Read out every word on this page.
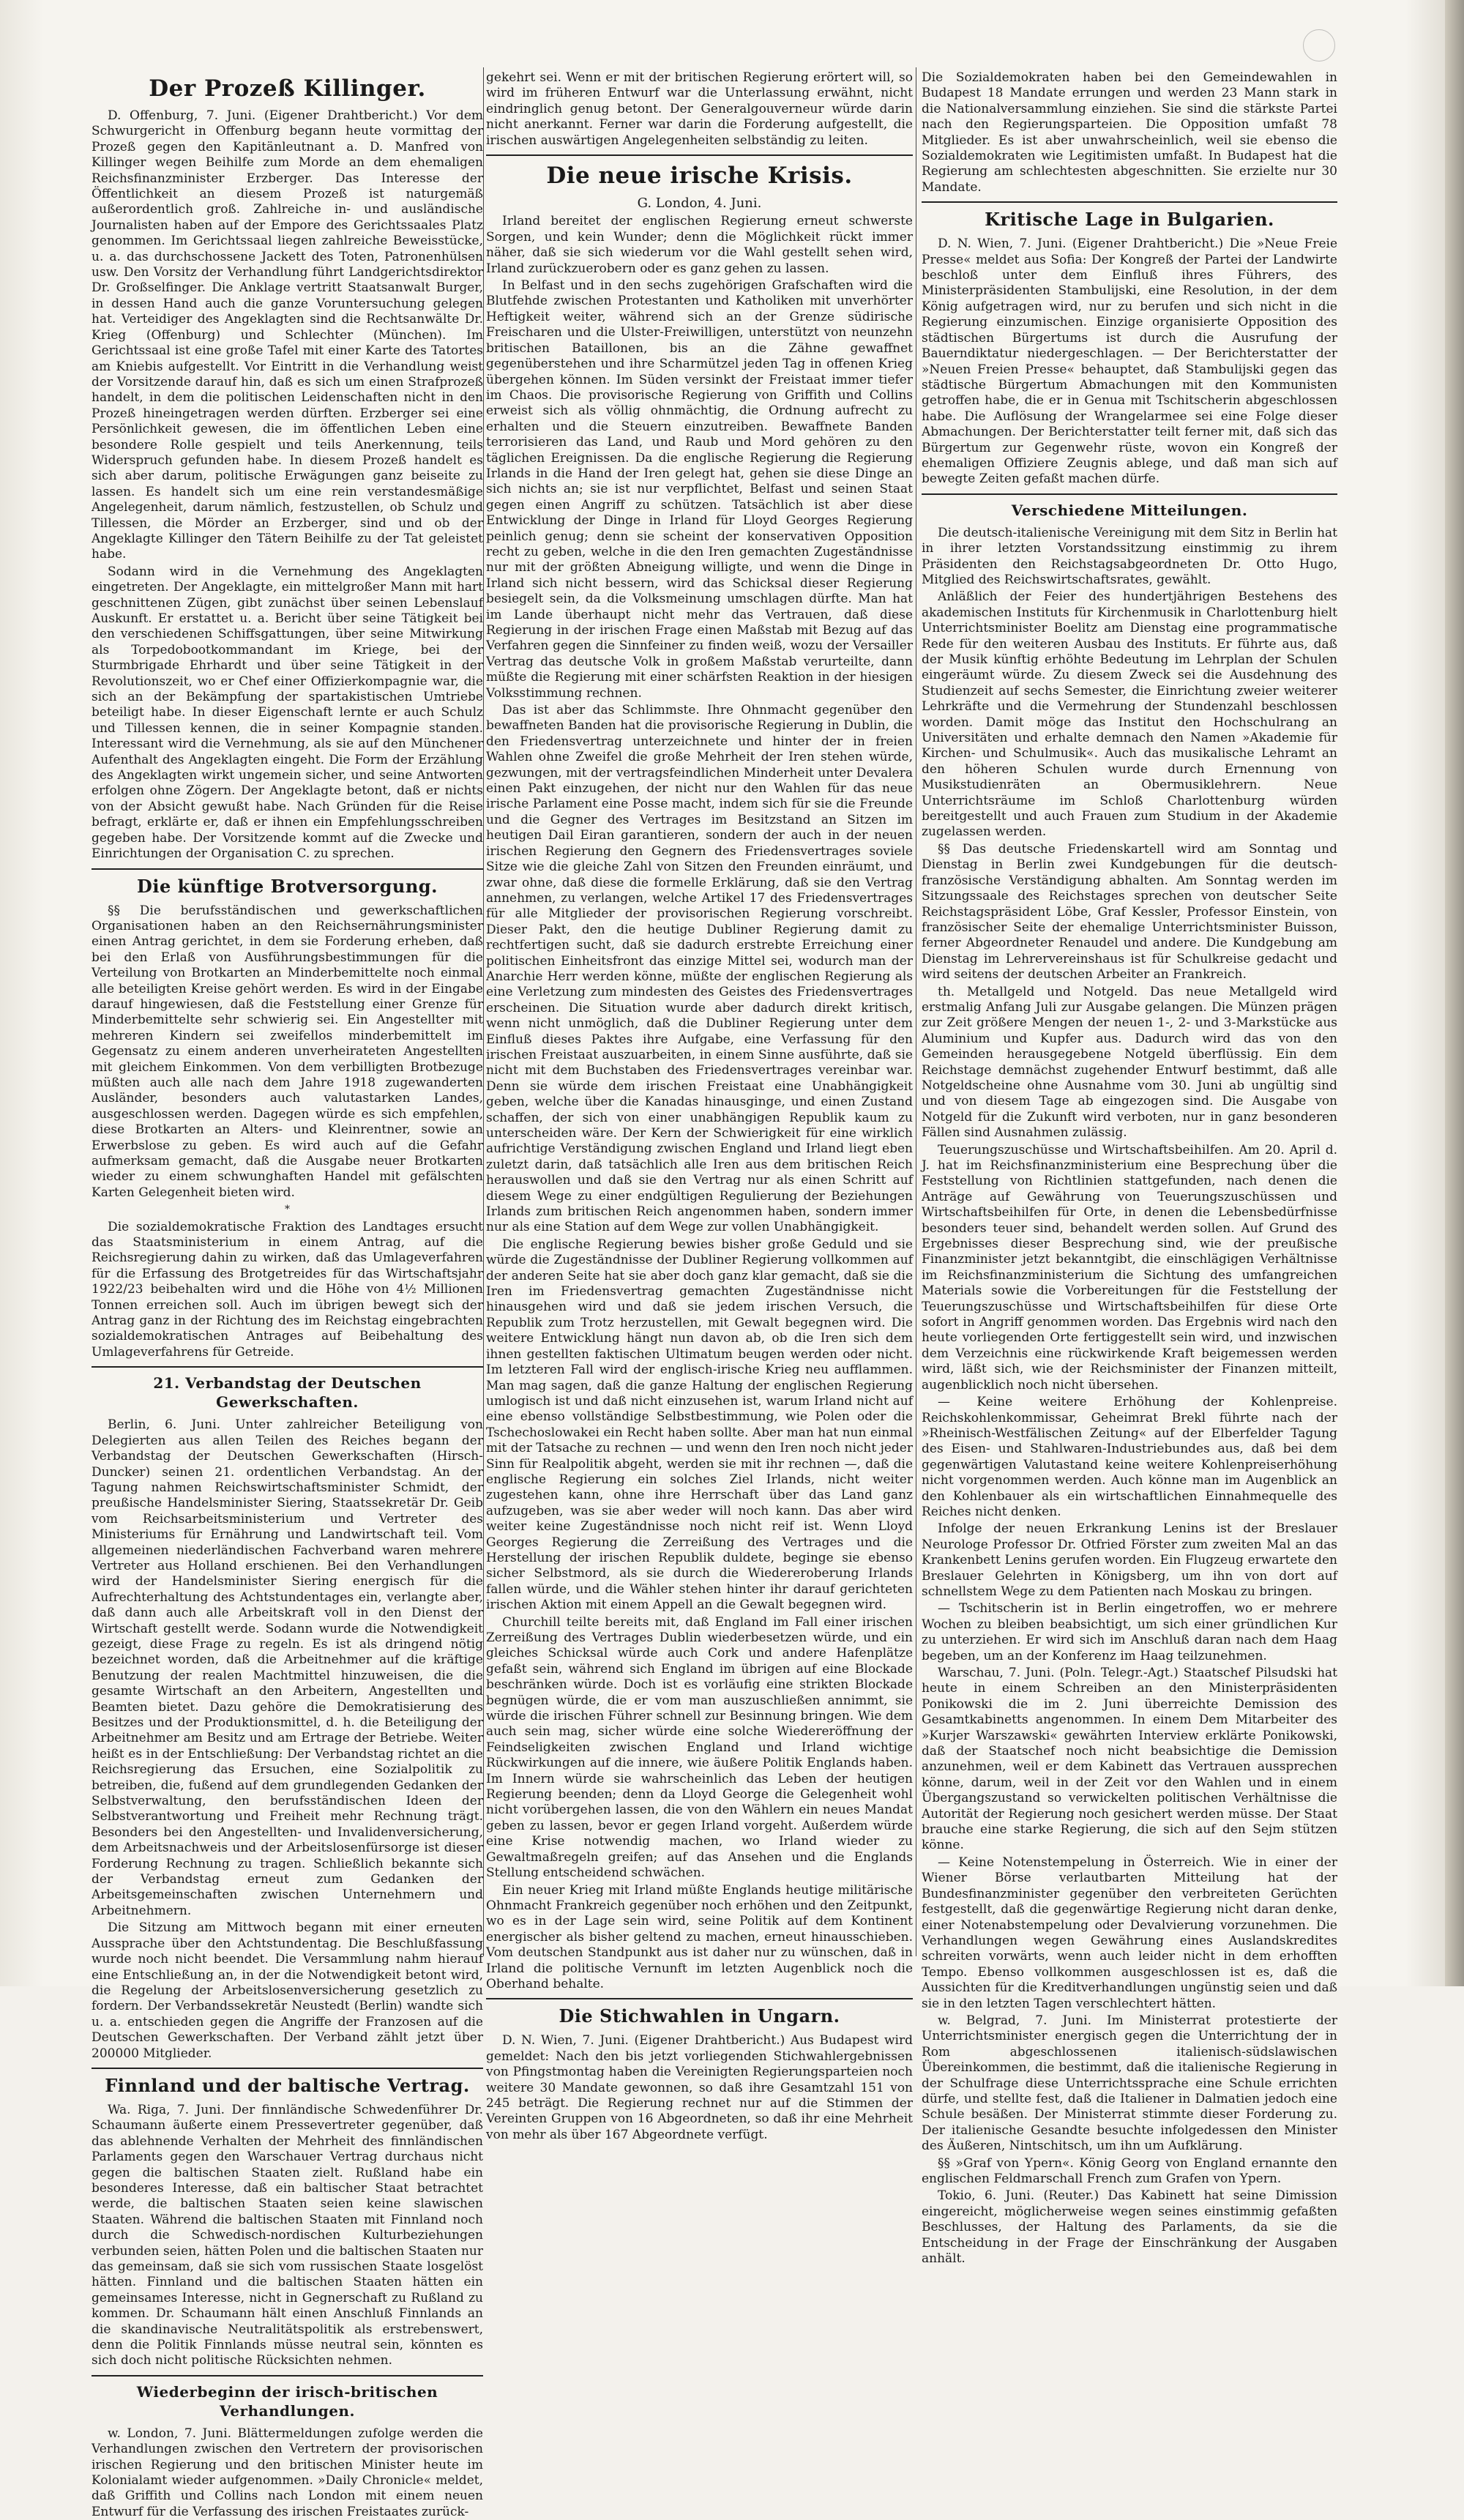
Der Prozeß Killinger.

D. Offenburg, 7. Juni. (Eigener Drahtbericht.) Vor dem Schwurgericht in Offenburg begann heute vormittag der Prozeß gegen den Kapitänleutnant a. D. Manfred von Killinger wegen Beihilfe zum Morde an dem ehemaligen Reichsfinanzminister Erzberger. Das Interesse der Öffentlichkeit an diesem Prozeß ist naturgemäß außerordentlich groß. Zahlreiche in- und ausländische Journalisten haben auf der Empore des Gerichtssaales Platz genommen. Im Gerichtssaal liegen zahlreiche Beweisstücke, u. a. das durchschossene Jackett des Toten, Patronenhülsen usw. Den Vorsitz der Verhandlung führt Landgerichtsdirektor Dr. Großselfinger. Die Anklage vertritt Staatsanwalt Burger, in dessen Hand auch die ganze Voruntersuchung gelegen hat. Verteidiger des Angeklagten sind die Rechtsanwälte Dr. Krieg (Offenburg) und Schlechter (München). Im Gerichtssaal ist eine große Tafel mit einer Karte des Tatortes am Kniebis aufgestellt. Vor Eintritt in die Verhandlung weist der Vorsitzende darauf hin, daß es sich um einen Strafprozeß handelt, in dem die politischen Leidenschaften nicht in den Prozeß hineingetragen werden dürften. Erzberger sei eine Persönlichkeit gewesen, die im öffentlichen Leben eine besondere Rolle gespielt und teils Anerkennung, teils Widerspruch gefunden habe. In diesem Prozeß handelt es sich aber darum, politische Erwägungen ganz beiseite zu lassen. Es handelt sich um eine rein verstandesmäßige Angelegenheit, darum nämlich, festzustellen, ob Schulz und Tillessen, die Mörder an Erzberger, sind und ob der Angeklagte Killinger den Tätern Beihilfe zu der Tat geleistet habe.

Sodann wird in die Vernehmung des Angeklagten eingetreten. Der Angeklagte, ein mittelgroßer Mann mit hart geschnittenen Zügen, gibt zunächst über seinen Lebenslauf Auskunft. Er erstattet u. a. Bericht über seine Tätigkeit bei den verschiedenen Schiffsgattungen, über seine Mitwirkung als Torpedobootkommandant im Kriege, bei der Sturmbrigade Ehrhardt und über seine Tätigkeit in der Revolutionszeit, wo er Chef einer Offizierkompagnie war, die sich an der Bekämpfung der spartakistischen Umtriebe beteiligt habe. In dieser Eigenschaft lernte er auch Schulz und Tillessen kennen, die in seiner Kompagnie standen. Interessant wird die Vernehmung, als sie auf den Münchener Aufenthalt des Angeklagten eingeht. Die Form der Erzählung des Angeklagten wirkt ungemein sicher, und seine Antworten erfolgen ohne Zögern. Der Angeklagte betont, daß er nichts von der Absicht gewußt habe. Nach Gründen für die Reise befragt, erklärte er, daß er ihnen ein Empfehlungsschreiben gegeben habe. Der Vorsitzende kommt auf die Zwecke und Einrichtungen der Organisation C. zu sprechen.

Die künftige Brotversorgung.

§§ Die berufsständischen und gewerkschaftlichen Organisationen haben an den Reichsernährungsminister einen Antrag gerichtet, in dem sie Forderung erheben, daß bei den Erlaß von Ausführungsbestimmungen für die Verteilung von Brotkarten an Minderbemittelte noch einmal alle beteiligten Kreise gehört werden. Es wird in der Eingabe darauf hingewiesen, daß die Feststellung einer Grenze für Minderbemittelte sehr schwierig sei. Ein Angestellter mit mehreren Kindern sei zweifellos minderbemittelt im Gegensatz zu einem anderen unverheirateten Angestellten mit gleichem Einkommen. Von dem verbilligten Brotbezuge müßten auch alle nach dem Jahre 1918 zugewanderten Ausländer, besonders auch valutastarken Landes, ausgeschlossen werden. Dagegen würde es sich empfehlen, diese Brotkarten an Alters- und Kleinrentner, sowie an Erwerbslose zu geben. Es wird auch auf die Gefahr aufmerksam gemacht, daß die Ausgabe neuer Brotkarten wieder zu einem schwunghaften Handel mit gefälschten Karten Gelegenheit bieten wird.

*

Die sozialdemokratische Fraktion des Landtages ersucht das Staatsministerium in einem Antrag, auf die Reichsregierung dahin zu wirken, daß das Umlageverfahren für die Erfassung des Brotgetreides für das Wirtschaftsjahr 1922/23 beibehalten wird und die Höhe von 4½ Millionen Tonnen erreichen soll. Auch im übrigen bewegt sich der Antrag ganz in der Richtung des im Reichstag eingebrachten sozialdemokratischen Antrages auf Beibehaltung des Umlageverfahrens für Getreide.

21. Verbandstag der Deutschen Gewerkschaften.

Berlin, 6. Juni. Unter zahlreicher Beteiligung von Delegierten aus allen Teilen des Reiches begann der Verbandstag der Deutschen Gewerkschaften (Hirsch-Duncker) seinen 21. ordentlichen Verbandstag. An der Tagung nahmen Reichswirtschaftsminister Schmidt, der preußische Handelsminister Siering, Staatssekretär Dr. Geib vom Reichsarbeitsministerium und Vertreter des Ministeriums für Ernährung und Landwirtschaft teil. Vom allgemeinen niederländischen Fachverband waren mehrere Vertreter aus Holland erschienen. Bei den Verhandlungen wird der Handelsminister Siering energisch für die Aufrechterhaltung des Achtstundentages ein, verlangte aber, daß dann auch alle Arbeitskraft voll in den Dienst der Wirtschaft gestellt werde. Sodann wurde die Notwendigkeit gezeigt, diese Frage zu regeln. Es ist als dringend nötig bezeichnet worden, daß die Arbeitnehmer auf die kräftige Benutzung der realen Machtmittel hinzuweisen, die die gesamte Wirtschaft an den Arbeitern, Angestellten und Beamten bietet. Dazu gehöre die Demokratisierung des Besitzes und der Produktionsmittel, d. h. die Beteiligung der Arbeitnehmer am Besitz und am Ertrage der Betriebe. Weiter heißt es in der Entschließung: Der Verbandstag richtet an die Reichsregierung das Ersuchen, eine Sozialpolitik zu betreiben, die, fußend auf dem grundlegenden Gedanken der Selbstverwaltung, den berufsständischen Ideen der Selbstverantwortung und Freiheit mehr Rechnung trägt. Besonders bei den Angestellten- und Invalidenversicherung, dem Arbeitsnachweis und der Arbeitslosenfürsorge ist dieser Forderung Rechnung zu tragen. Schließlich bekannte sich der Verbandstag erneut zum Gedanken der Arbeitsgemeinschaften zwischen Unternehmern und Arbeitnehmern.

Die Sitzung am Mittwoch begann mit einer erneuten Aussprache über den Achtstundentag. Die Beschlußfassung wurde noch nicht beendet. Die Versammlung nahm hierauf eine Entschließung an, in der die Notwendigkeit betont wird, die Regelung der Arbeitslosenversicherung gesetzlich zu fordern. Der Verbandssekretär Neustedt (Berlin) wandte sich u. a. entschieden gegen die Angriffe der Franzosen auf die Deutschen Gewerkschaften. Der Verband zählt jetzt über 200000 Mitglieder.

Finnland und der baltische Vertrag.

Wa. Riga, 7. Juni. Der finnländische Schwedenführer Dr. Schaumann äußerte einem Pressevertreter gegenüber, daß das ablehnende Verhalten der Mehrheit des finnländischen Parlaments gegen den Warschauer Vertrag durchaus nicht gegen die baltischen Staaten zielt. Rußland habe ein besonderes Interesse, daß ein baltischer Staat betrachtet werde, die baltischen Staaten seien keine slawischen Staaten. Während die baltischen Staaten mit Finnland noch durch die Schwedisch-nordischen Kulturbeziehungen verbunden seien, hätten Polen und die baltischen Staaten nur das gemeinsam, daß sie sich vom russischen Staate losgelöst hätten. Finnland und die baltischen Staaten hätten ein gemeinsames Interesse, nicht in Gegnerschaft zu Rußland zu kommen. Dr. Schaumann hält einen Anschluß Finnlands an die skandinavische Neutralitätspolitik als erstrebenswert, denn die Politik Finnlands müsse neutral sein, könnten es sich doch nicht politische Rücksichten nehmen.

Wiederbeginn der irisch-britischen Verhandlungen.

w. London, 7. Juni. Blättermeldungen zufolge werden die Verhandlungen zwischen den Vertretern der provisorischen irischen Regierung und den britischen Minister heute im Kolonialamt wieder aufgenommen. »Daily Chronicle« meldet, daß Griffith und Collins nach London mit einem neuen Entwurf für die Verfassung des irischen Freistaates zurück-

gekehrt sei. Wenn er mit der britischen Regierung erörtert will, so wird im früheren Entwurf war die Unterlassung erwähnt, nicht eindringlich genug betont. Der Generalgouverneur würde darin nicht anerkannt. Ferner war darin die Forderung aufgestellt, die irischen auswärtigen Angelegenheiten selbständig zu leiten.

Die neue irische Krisis.
G. London, 4. Juni.

Irland bereitet der englischen Regierung erneut schwerste Sorgen, und kein Wunder; denn die Möglichkeit rückt immer näher, daß sie sich wiederum vor die Wahl gestellt sehen wird, Irland zurückzuerobern oder es ganz gehen zu lassen.

In Belfast und in den sechs zugehörigen Grafschaften wird die Blutfehde zwischen Protestanten und Katholiken mit unverhörter Heftigkeit weiter, während sich an der Grenze südirische Freischaren und die Ulster-Freiwilligen, unterstützt von neunzehn britischen Bataillonen, bis an die Zähne gewaffnet gegenüberstehen und ihre Scharmützel jeden Tag in offenen Krieg übergehen können. Im Süden versinkt der Freistaat immer tiefer im Chaos. Die provisorische Regierung von Griffith und Collins erweist sich als völlig ohnmächtig, die Ordnung aufrecht zu erhalten und die Steuern einzutreiben. Bewaffnete Banden terrorisieren das Land, und Raub und Mord gehören zu den täglichen Ereignissen. Da die englische Regierung die Regierung Irlands in die Hand der Iren gelegt hat, gehen sie diese Dinge an sich nichts an; sie ist nur verpflichtet, Belfast und seinen Staat gegen einen Angriff zu schützen. Tatsächlich ist aber diese Entwicklung der Dinge in Irland für Lloyd Georges Regierung peinlich genug; denn sie scheint der konservativen Opposition recht zu geben, welche in die den Iren gemachten Zugeständnisse nur mit der größten Abneigung willigte, und wenn die Dinge in Irland sich nicht bessern, wird das Schicksal dieser Regierung besiegelt sein, da die Volksmeinung umschlagen dürfte. Man hat im Lande überhaupt nicht mehr das Vertrauen, daß diese Regierung in der irischen Frage einen Maßstab mit Bezug auf das Verfahren gegen die Sinnfeiner zu finden weiß, wozu der Versailler Vertrag das deutsche Volk in großem Maßstab verurteilte, dann müßte die Regierung mit einer schärfsten Reaktion in der hiesigen Volksstimmung rechnen.

Das ist aber das Schlimmste. Ihre Ohnmacht gegenüber den bewaffneten Banden hat die provisorische Regierung in Dublin, die den Friedensvertrag unterzeichnete und hinter der in freien Wahlen ohne Zweifel die große Mehrheit der Iren stehen würde, gezwungen, mit der vertragsfeindlichen Minderheit unter Devalera einen Pakt einzugehen, der nicht nur den Wahlen für das neue irische Parlament eine Posse macht, indem sich für sie die Freunde und die Gegner des Vertrages im Besitzstand an Sitzen im heutigen Dail Eiran garantieren, sondern der auch in der neuen irischen Regierung den Gegnern des Friedensvertrages soviele Sitze wie die gleiche Zahl von Sitzen den Freunden einräumt, und zwar ohne, daß diese die formelle Erklärung, daß sie den Vertrag annehmen, zu verlangen, welche Artikel 17 des Friedensvertrages für alle Mitglieder der provisorischen Regierung vorschreibt. Dieser Pakt, den die heutige Dubliner Regierung damit zu rechtfertigen sucht, daß sie dadurch erstrebte Erreichung einer politischen Einheitsfront das einzige Mittel sei, wodurch man der Anarchie Herr werden könne, müßte der englischen Regierung als eine Verletzung zum mindesten des Geistes des Friedensvertrages erscheinen. Die Situation wurde aber dadurch direkt kritisch, wenn nicht unmöglich, daß die Dubliner Regierung unter dem Einfluß dieses Paktes ihre Aufgabe, eine Verfassung für den irischen Freistaat auszuarbeiten, in einem Sinne ausführte, daß sie nicht mit dem Buchstaben des Friedensvertrages vereinbar war. Denn sie würde dem irischen Freistaat eine Unabhängigkeit geben, welche über die Kanadas hinausginge, und einen Zustand schaffen, der sich von einer unabhängigen Republik kaum zu unterscheiden wäre. Der Kern der Schwierigkeit für eine wirklich aufrichtige Verständigung zwischen England und Irland liegt eben zuletzt darin, daß tatsächlich alle Iren aus dem britischen Reich herauswollen und daß sie den Vertrag nur als einen Schritt auf diesem Wege zu einer endgültigen Regulierung der Beziehungen Irlands zum britischen Reich angenommen haben, sondern immer nur als eine Station auf dem Wege zur vollen Unabhängigkeit.

Die englische Regierung bewies bisher große Geduld und sie würde die Zugeständnisse der Dubliner Regierung vollkommen auf der anderen Seite hat sie aber doch ganz klar gemacht, daß sie die Iren im Friedensvertrag gemachten Zugeständnisse nicht hinausgehen wird und daß sie jedem irischen Versuch, die Republik zum Trotz herzustellen, mit Gewalt begegnen wird. Die weitere Entwicklung hängt nun davon ab, ob die Iren sich dem ihnen gestellten faktischen Ultimatum beugen werden oder nicht. Im letzteren Fall wird der englisch-irische Krieg neu aufflammen. Man mag sagen, daß die ganze Haltung der englischen Regierung umlogisch ist und daß nicht einzusehen ist, warum Irland nicht auf eine ebenso vollständige Selbstbestimmung, wie Polen oder die Tschechoslowakei ein Recht haben sollte. Aber man hat nun einmal mit der Tatsache zu rechnen — und wenn den Iren noch nicht jeder Sinn für Realpolitik abgeht, werden sie mit ihr rechnen —, daß die englische Regierung ein solches Ziel Irlands, nicht weiter zugestehen kann, ohne ihre Herrschaft über das Land ganz aufzugeben, was sie aber weder will noch kann. Das aber wird weiter keine Zugeständnisse noch nicht reif ist. Wenn Lloyd Georges Regierung die Zerreißung des Vertrages und die Herstellung der irischen Republik duldete, beginge sie ebenso sicher Selbstmord, als sie durch die Wiedereroberung Irlands fallen würde, und die Wähler stehen hinter ihr darauf gerichteten irischen Aktion mit einem Appell an die Gewalt begegnen wird.

Churchill teilte bereits mit, daß England im Fall einer irischen Zerreißung des Vertrages Dublin wiederbesetzen würde, und ein gleiches Schicksal würde auch Cork und andere Hafenplätze gefaßt sein, während sich England im übrigen auf eine Blockade beschränken würde. Doch ist es vorläufig eine strikten Blockade begnügen würde, die er vom man auszuschließen annimmt, sie würde die irischen Führer schnell zur Besinnung bringen. Wie dem auch sein mag, sicher würde eine solche Wiedereröffnung der Feindseligkeiten zwischen England und Irland wichtige Rückwirkungen auf die innere, wie äußere Politik Englands haben. Im Innern würde sie wahrscheinlich das Leben der heutigen Regierung beenden; denn da Lloyd George die Gelegenheit wohl nicht vorübergehen lassen, die von den Wählern ein neues Mandat geben zu lassen, bevor er gegen Irland vorgeht. Außerdem würde eine Krise notwendig machen, wo Irland wieder zu Gewaltmaßregeln greifen; auf das Ansehen und die Englands Stellung entscheidend schwächen.

Ein neuer Krieg mit Irland müßte Englands heutige militärische Ohnmacht Frankreich gegenüber noch erhöhen und den Zeitpunkt, wo es in der Lage sein wird, seine Politik auf dem Kontinent energischer als bisher geltend zu machen, erneut hinausschieben. Vom deutschen Standpunkt aus ist daher nur zu wünschen, daß in Irland die politische Vernunft im letzten Augenblick noch die Oberhand behalte.

Die Stichwahlen in Ungarn.

D. N. Wien, 7. Juni. (Eigener Drahtbericht.) Aus Budapest wird gemeldet: Nach den bis jetzt vorliegenden Stichwahlergebnissen von Pfingstmontag haben die Vereinigten Regierungsparteien noch weitere 30 Mandate gewonnen, so daß ihre Gesamtzahl 151 von 245 beträgt. Die Regierung rechnet nur auf die Stimmen der Vereinten Gruppen von 16 Abgeordneten, so daß ihr eine Mehrheit von mehr als über 167 Abgeordnete verfügt.

Die Sozialdemokraten haben bei den Gemeindewahlen in Budapest 18 Mandate errungen und werden 23 Mann stark in die Nationalversammlung einziehen. Sie sind die stärkste Partei nach den Regierungsparteien. Die Opposition umfaßt 78 Mitglieder. Es ist aber unwahrscheinlich, weil sie ebenso die Sozialdemokraten wie Legitimisten umfaßt. In Budapest hat die Regierung am schlechtesten abgeschnitten. Sie erzielte nur 30 Mandate.

Kritische Lage in Bulgarien.

D. N. Wien, 7. Juni. (Eigener Drahtbericht.) Die »Neue Freie Presse« meldet aus Sofia: Der Kongreß der Partei der Landwirte beschloß unter dem Einfluß ihres Führers, des Ministerpräsidenten Stambulijski, eine Resolution, in der dem König aufgetragen wird, nur zu berufen und sich nicht in die Regierung einzumischen. Einzige organisierte Opposition des städtischen Bürgertums ist durch die Ausrufung der Bauerndiktatur niedergeschlagen. — Der Berichterstatter der »Neuen Freien Presse« behauptet, daß Stambulijski gegen das städtische Bürgertum Abmachungen mit den Kommunisten getroffen habe, die er in Genua mit Tschitscherin abgeschlossen habe. Die Auflösung der Wrangelarmee sei eine Folge dieser Abmachungen. Der Berichterstatter teilt ferner mit, daß sich das Bürgertum zur Gegenwehr rüste, wovon ein Kongreß der ehemaligen Offiziere Zeugnis ablege, und daß man sich auf bewegte Zeiten gefaßt machen dürfe.

Verschiedene Mitteilungen.

Die deutsch-italienische Vereinigung mit dem Sitz in Berlin hat in ihrer letzten Vorstandssitzung einstimmig zu ihrem Präsidenten den Reichstagsabgeordneten Dr. Otto Hugo, Mitglied des Reichswirtschaftsrates, gewählt.

Anläßlich der Feier des hundertjährigen Bestehens des akademischen Instituts für Kirchenmusik in Charlottenburg hielt Unterrichtsminister Boelitz am Dienstag eine programmatische Rede für den weiteren Ausbau des Instituts. Er führte aus, daß der Musik künftig erhöhte Bedeutung im Lehrplan der Schulen eingeräumt würde. Zu diesem Zweck sei die Ausdehnung des Studienzeit auf sechs Semester, die Einrichtung zweier weiterer Lehrkräfte und die Vermehrung der Stundenzahl beschlossen worden. Damit möge das Institut den Hochschulrang an Universitäten und erhalte demnach den Namen »Akademie für Kirchen- und Schulmusik«. Auch das musikalische Lehramt an den höheren Schulen wurde durch Ernennung von Musikstudienräten an Obermusiklehrern. Neue Unterrichtsräume im Schloß Charlottenburg würden bereitgestellt und auch Frauen zum Studium in der Akademie zugelassen werden.

§§ Das deutsche Friedenskartell wird am Sonntag und Dienstag in Berlin zwei Kundgebungen für die deutsch-französische Verständigung abhalten. Am Sonntag werden im Sitzungssaale des Reichstages sprechen von deutscher Seite Reichstagspräsident Löbe, Graf Kessler, Professor Einstein, von französischer Seite der ehemalige Unterrichtsminister Buisson, ferner Abgeordneter Renaudel und andere. Die Kundgebung am Dienstag im Lehrervereinshaus ist für Schulkreise gedacht und wird seitens der deutschen Arbeiter an Frankreich.

th. Metallgeld und Notgeld. Das neue Metallgeld wird erstmalig Anfang Juli zur Ausgabe gelangen. Die Münzen prägen zur Zeit größere Mengen der neuen 1-, 2- und 3-Markstücke aus Aluminium und Kupfer aus. Dadurch wird das von den Gemeinden herausgegebene Notgeld überflüssig. Ein dem Reichstage demnächst zugehender Entwurf bestimmt, daß alle Notgeldscheine ohne Ausnahme vom 30. Juni ab ungültig sind und von diesem Tage ab eingezogen sind. Die Ausgabe von Notgeld für die Zukunft wird verboten, nur in ganz besonderen Fällen sind Ausnahmen zulässig.

Teuerungszuschüsse und Wirtschaftsbeihilfen. Am 20. April d. J. hat im Reichsfinanzministerium eine Besprechung über die Feststellung von Richtlinien stattgefunden, nach denen die Anträge auf Gewährung von Teuerungszuschüssen und Wirtschaftsbeihilfen für Orte, in denen die Lebensbedürfnisse besonders teuer sind, behandelt werden sollen. Auf Grund des Ergebnisses dieser Besprechung sind, wie der preußische Finanzminister jetzt bekanntgibt, die einschlägigen Verhältnisse im Reichsfinanzministerium die Sichtung des umfangreichen Materials sowie die Vorbereitungen für die Feststellung der Teuerungszuschüsse und Wirtschaftsbeihilfen für diese Orte sofort in Angriff genommen worden. Das Ergebnis wird nach den heute vorliegenden Orte fertiggestellt sein wird, und inzwischen dem Verzeichnis eine rückwirkende Kraft beigemessen werden wird, läßt sich, wie der Reichsminister der Finanzen mitteilt, augenblicklich noch nicht übersehen.

— Keine weitere Erhöhung der Kohlenpreise. Reichskohlenkommissar, Geheimrat Brekl führte nach der »Rheinisch-Westfälischen Zeitung« auf der Elberfelder Tagung des Eisen- und Stahlwaren-Industriebundes aus, daß bei dem gegenwärtigen Valutastand keine weitere Kohlenpreiserhöhung nicht vorgenommen werden. Auch könne man im Augenblick an den Kohlenbauer als ein wirtschaftlichen Einnahmequelle des Reiches nicht denken.

Infolge der neuen Erkrankung Lenins ist der Breslauer Neurologe Professor Dr. Otfried Förster zum zweiten Mal an das Krankenbett Lenins gerufen worden. Ein Flugzeug erwartete den Breslauer Gelehrten in Königsberg, um ihn von dort auf schnellstem Wege zu dem Patienten nach Moskau zu bringen.

— Tschitscherin ist in Berlin eingetroffen, wo er mehrere Wochen zu bleiben beabsichtigt, um sich einer gründlichen Kur zu unterziehen. Er wird sich im Anschluß daran nach dem Haag begeben, um an der Konferenz im Haag teilzunehmen.

Warschau, 7. Juni. (Poln. Telegr.-Agt.) Staatschef Pilsudski hat heute in einem Schreiben an den Ministerpräsidenten Ponikowski die im 2. Juni überreichte Demission des Gesamtkabinetts angenommen. In einem Dem Mitarbeiter des »Kurjer Warszawski« gewährten Interview erklärte Ponikowski, daß der Staatschef noch nicht beabsichtige die Demission anzunehmen, weil er dem Kabinett das Vertrauen aussprechen könne, darum, weil in der Zeit vor den Wahlen und in einem Übergangszustand so verwickelten politischen Verhältnisse die Autorität der Regierung noch gesichert werden müsse. Der Staat brauche eine starke Regierung, die sich auf den Sejm stützen könne.

— Keine Notenstempelung in Österreich. Wie in einer der Wiener Börse verlautbarten Mitteilung hat der Bundesfinanzminister gegenüber den verbreiteten Gerüchten festgestellt, daß die gegenwärtige Regierung nicht daran denke, einer Notenabstempelung oder Devalvierung vorzunehmen. Die Verhandlungen wegen Gewährung eines Auslandskredites schreiten vorwärts, wenn auch leider nicht in dem erhofften Tempo. Ebenso vollkommen ausgeschlossen ist es, daß die Aussichten für die Kreditverhandlungen ungünstig seien und daß sie in den letzten Tagen verschlechtert hätten.

w. Belgrad, 7. Juni. Im Ministerrat protestierte der Unterrichtsminister energisch gegen die Unterrichtung der in Rom abgeschlossenen italienisch-südslawischen Übereinkommen, die bestimmt, daß die italienische Regierung in der Schulfrage diese Unterrichtssprache eine Schule errichten dürfe, und stellte fest, daß die Italiener in Dalmatien jedoch eine Schule besäßen. Der Ministerrat stimmte dieser Forderung zu. Der italienische Gesandte besuchte infolgedessen den Minister des Äußeren, Nintschitsch, um ihn um Aufklärung.

§§ »Graf von Ypern«. König Georg von England ernannte den englischen Feldmarschall French zum Grafen von Ypern.

Tokio, 6. Juni. (Reuter.) Das Kabinett hat seine Dimission eingereicht, möglicherweise wegen seines einstimmig gefaßten Beschlusses, der Haltung des Parlaments, da sie die Entscheidung in der Frage der Einschränkung der Ausgaben anhält.
